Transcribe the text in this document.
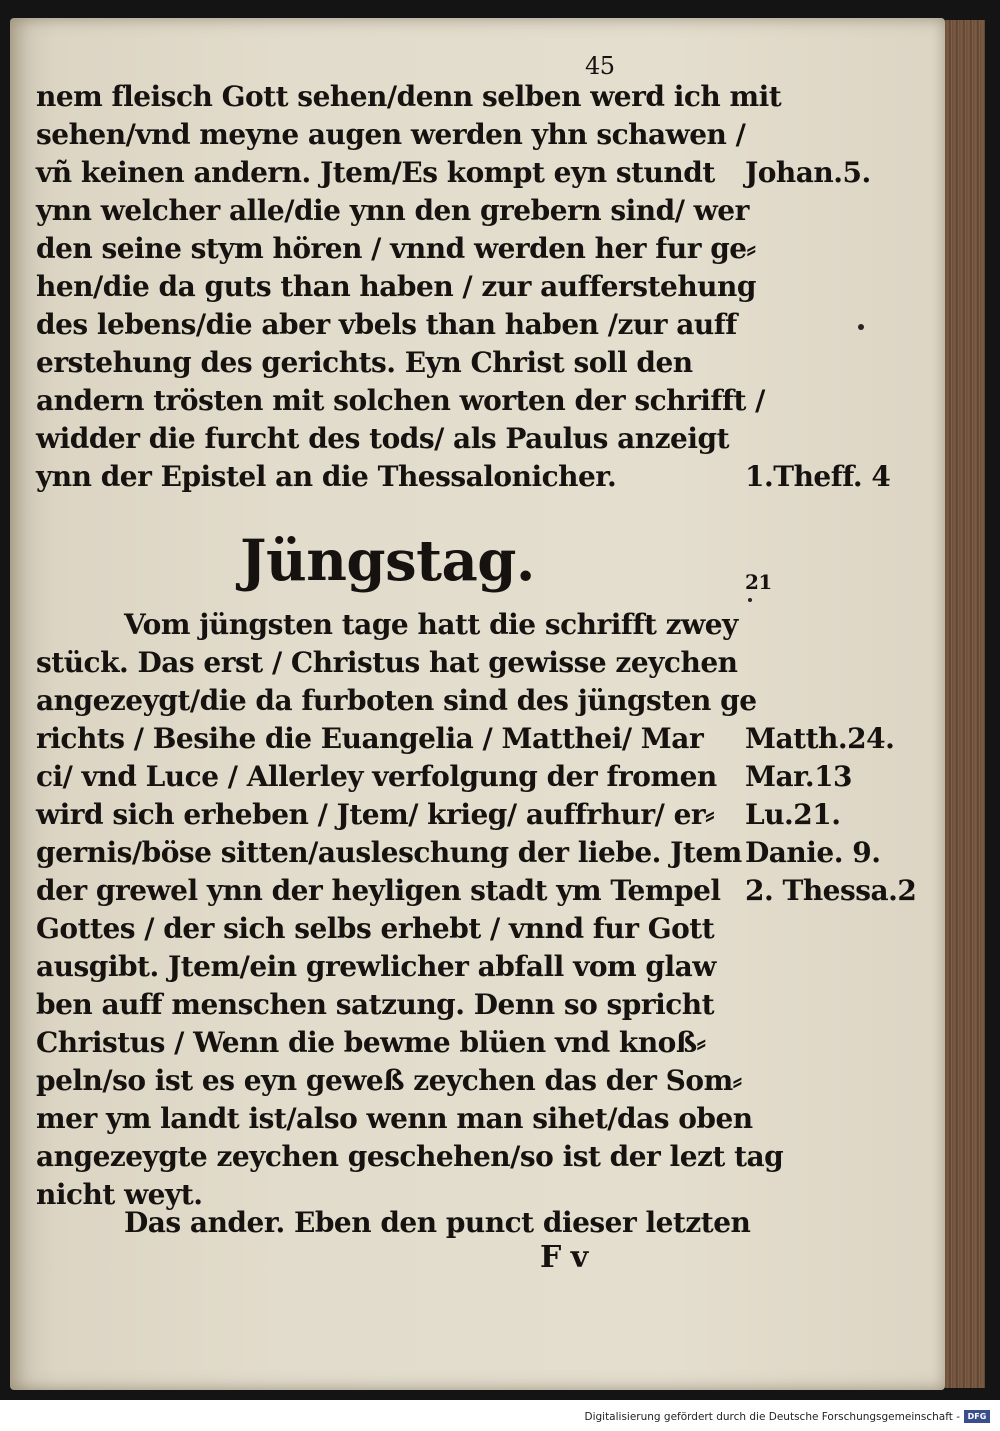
45
nem fleisch Gott sehen/denn selben werd ich mit
sehen/vnd meyne augen werden yhn schawen /
vñ keinen andern. Jtem/Es kompt eyn stundt
ynn welcher alle/die ynn den grebern sind/ wer
den seine stym hören / vnnd werden her fur ge⸗
hen/die da guts than haben / zur aufferstehung
des lebens/die aber vbels than haben /zur auff
erstehung des gerichts. Eyn Christ soll den
andern trösten mit solchen worten der schrifft /
widder die furcht des tods/ als Paulus anzeigt
ynn der Epistel an die Thessalonicher.
Jüngstag.
Vom jüngsten tage hatt die schrifft zwey
stück. Das erst / Christus hat gewisse zeychen
angezeygt/die da furboten sind des jüngsten ge
richts / Besihe die Euangelia / Matthei/ Mar
ci/ vnd Luce / Allerley verfolgung der fromen
wird sich erheben / Jtem/ krieg/ auffrhur/ er⸗
gernis/böse sitten/ausleschung der liebe. Jtem
der grewel ynn der heyligen stadt ym Tempel
Gottes / der sich selbs erhebt / vnnd fur Gott
ausgibt. Jtem/ein grewlicher abfall vom glaw
ben auff menschen satzung. Denn so spricht
Christus / Wenn die bewme blüen vnd knoß⸗
peln/so ist es eyn geweß zeychen das der Som⸗
mer ym landt ist/also wenn man sihet/das oben
angezeygte zeychen geschehen/so ist der lezt tag
nicht weyt.
Das ander. Eben den punct dieser letzten
F v
Johan.5.
1.Theff. 4
21
Matth.24.
Mar.13
Lu.21.
Danie. 9.
2. Thessa.2
Digitalisierung gefördert durch die Deutsche Forschungsgemeinschaft - DFG
